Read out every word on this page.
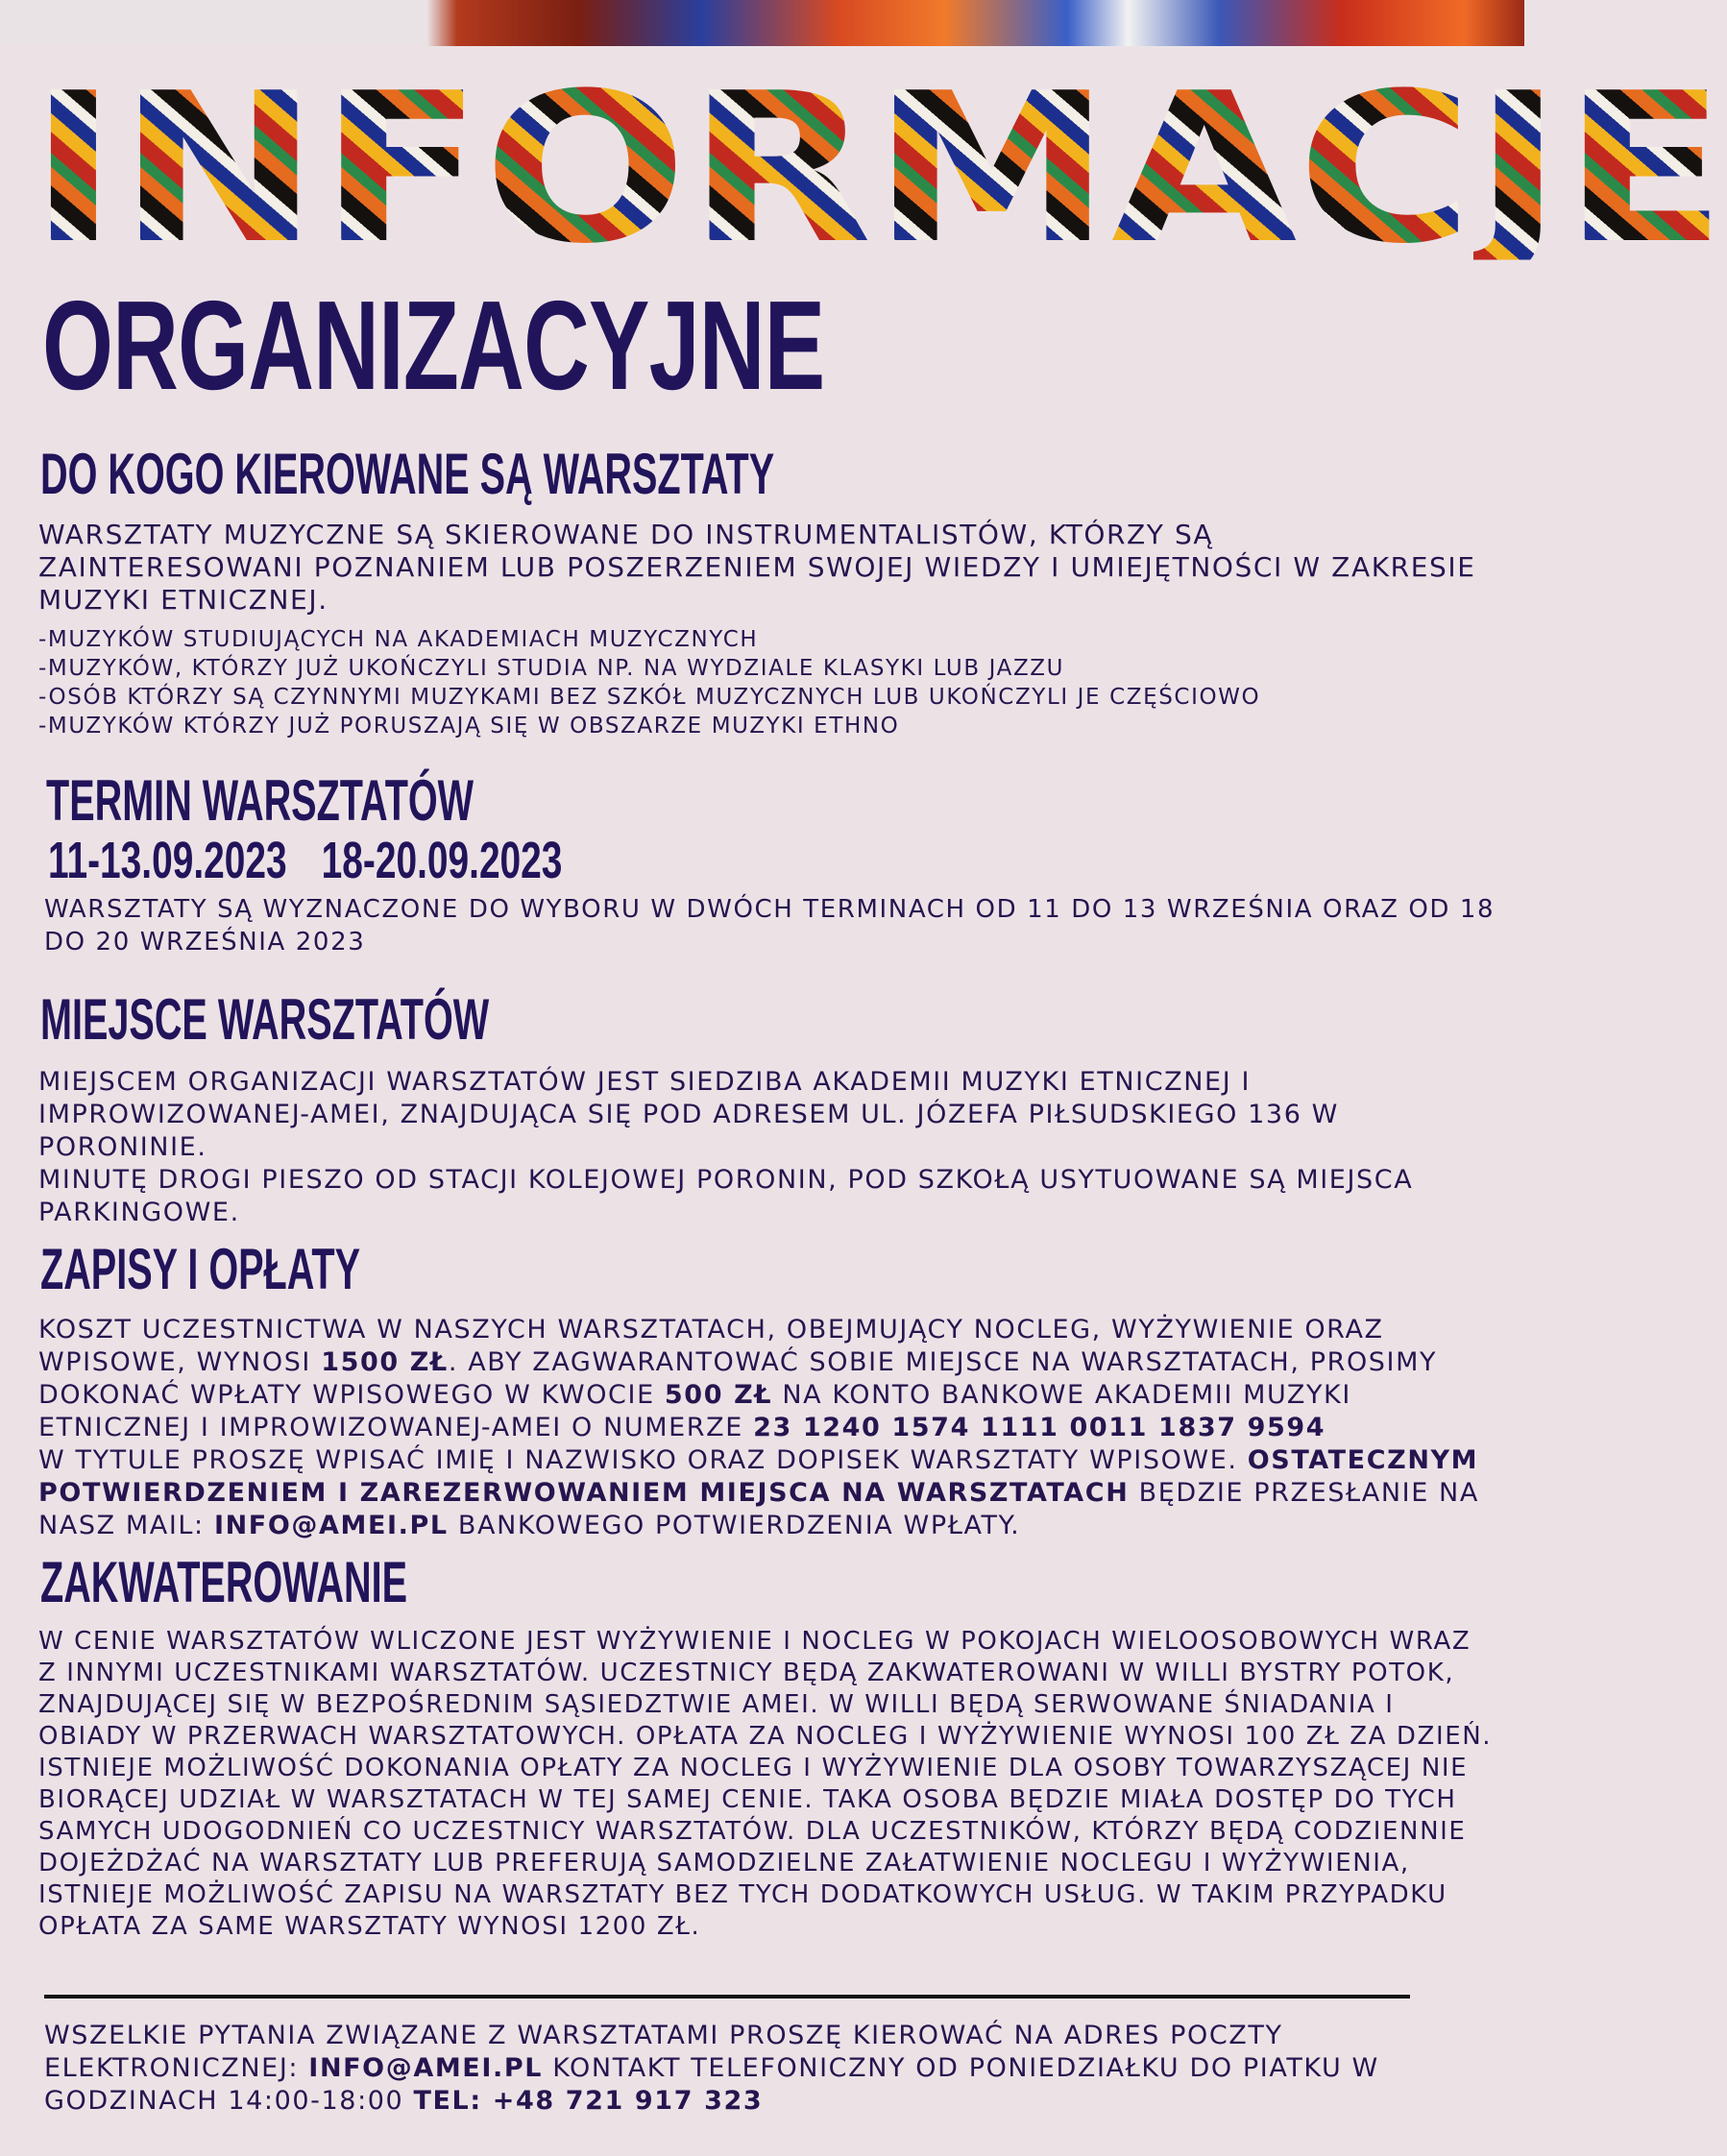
I N F O R M A C J E
ORGANIZACYJNE
DO KOGO KIEROWANE SĄ WARSZTATY
WARSZTATY MUZYCZNE SĄ SKIEROWANE DO INSTRUMENTALISTÓW, KTÓRZY SĄ ZAINTERESOWANI POZNANIEM LUB POSZERZENIEM SWOJEJ WIEDZY I UMIEJĘTNOŚCI W ZAKRESIE MUZYKI ETNICZNEJ.
-MUZYKÓW STUDIUJĄCYCH NA AKADEMIACH MUZYCZNYCH
-MUZYKÓW, KTÓRZY JUŻ UKOŃCZYLI STUDIA NP. NA WYDZIALE KLASYKI LUB JAZZU
-OSÓB KTÓRZY SĄ CZYNNYMI MUZYKAMI BEZ SZKÓŁ MUZYCZNYCH LUB UKOŃCZYLI JE CZĘŚCIOWO
-MUZYKÓW KTÓRZY JUŻ PORUSZAJĄ SIĘ W OBSZARZE MUZYKI ETHNO
TERMIN WARSZTATÓW
11-13.09.2023 18-20.09.2023
WARSZTATY SĄ WYZNACZONE DO WYBORU W DWÓCH TERMINACH OD 11 DO 13 WRZEŚNIA ORAZ OD 18 DO 20 WRZEŚNIA 2023
MIEJSCE WARSZTATÓW
MIEJSCEM ORGANIZACJI WARSZTATÓW JEST SIEDZIBA AKADEMII MUZYKI ETNICZNEJ I IMPROWIZOWANEJ-AMEI, ZNAJDUJĄCA SIĘ POD ADRESEM UL. JÓZEFA PIŁSUDSKIEGO 136 W PORONINIE.
MINUTĘ DROGI PIESZO OD STACJI KOLEJOWEJ PORONIN, POD SZKOŁĄ USYTUOWANE SĄ MIEJSCA PARKINGOWE.
ZAPISY I OPŁATY
KOSZT UCZESTNICTWA W NASZYCH WARSZTATACH, OBEJMUJĄCY NOCLEG, WYŻYWIENIE ORAZ WPISOWE, WYNOSI 1500 ZŁ. ABY ZAGWARANTOWAĆ SOBIE MIEJSCE NA WARSZTATACH, PROSIMY DOKONAĆ WPŁATY WPISOWEGO W KWOCIE 500 ZŁ NA KONTO BANKOWE AKADEMII MUZYKI ETNICZNEJ I IMPROWIZOWANEJ-AMEI O NUMERZE 23 1240 1574 1111 0011 1837 9594
W TYTULE PROSZĘ WPISAĆ IMIĘ I NAZWISKO ORAZ DOPISEK WARSZTATY WPISOWE. OSTATECZNYM POTWIERDZENIEM I ZAREZERWOWANIEM MIEJSCA NA WARSZTATACH BĘDZIE PRZESŁANIE NA NASZ MAIL: INFO@AMEI.PL BANKOWEGO POTWIERDZENIA WPŁATY.
ZAKWATEROWANIE
W CENIE WARSZTATÓW WLICZONE JEST WYŻYWIENIE I NOCLEG W POKOJACH WIELOOSOBOWYCH WRAZ Z INNYMI UCZESTNIKAMI WARSZTATÓW. UCZESTNICY BĘDĄ ZAKWATEROWANI W WILLI BYSTRY POTOK, ZNAJDUJĄCEJ SIĘ W BEZPOŚREDNIM SĄSIEDZTWIE AMEI. W WILLI BĘDĄ SERWOWANE ŚNIADANIA I OBIADY W PRZERWACH WARSZTATOWYCH. OPŁATA ZA NOCLEG I WYŻYWIENIE WYNOSI 100 ZŁ ZA DZIEŃ. ISTNIEJE MOŻLIWOŚĆ DOKONANIA OPŁATY ZA NOCLEG I WYŻYWIENIE DLA OSOBY TOWARZYSZĄCEJ NIE BIORĄCEJ UDZIAŁ W WARSZTATACH W TEJ SAMEJ CENIE. TAKA OSOBA BĘDZIE MIAŁA DOSTĘP DO TYCH SAMYCH UDOGODNIEŃ CO UCZESTNICY WARSZTATÓW. DLA UCZESTNIKÓW, KTÓRZY BĘDĄ CODZIENNIE DOJEŻDŻAĆ NA WARSZTATY LUB PREFERUJĄ SAMODZIELNE ZAŁATWIENIE NOCLEGU I WYŻYWIENIA, ISTNIEJE MOŻLIWOŚĆ ZAPISU NA WARSZTATY BEZ TYCH DODATKOWYCH USŁUG. W TAKIM PRZYPADKU OPŁATA ZA SAME WARSZTATY WYNOSI 1200 ZŁ.
WSZELKIE PYTANIA ZWIĄZANE Z WARSZTATAMI PROSZĘ KIEROWAĆ NA ADRES POCZTY ELEKTRONICZNEJ: INFO@AMEI.PL KONTAKT TELEFONICZNY OD PONIEDZIAŁKU DO PIATKU W GODZINACH 14:00-18:00 TEL: +48 721 917 323
